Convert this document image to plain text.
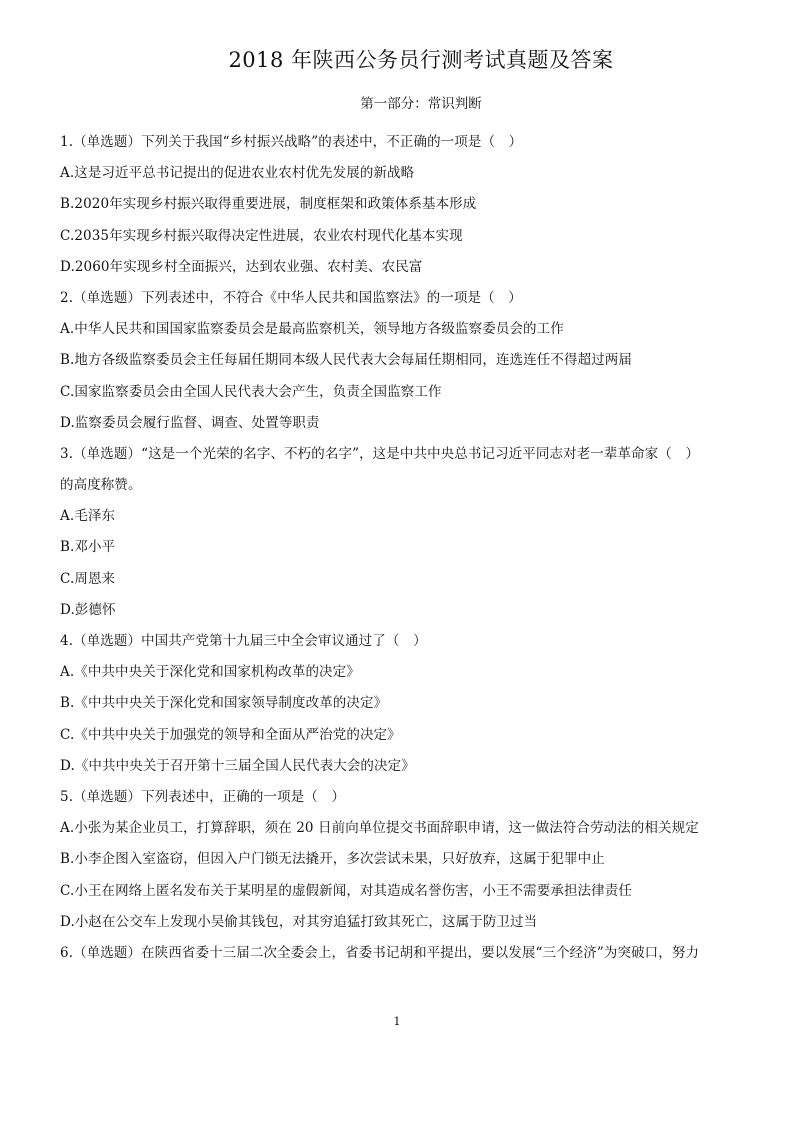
2018 年陕西公务员行测考试真题及答案
第一部分：常识判断
1.（单选题）下列关于我国“乡村振兴战略”的表述中，不正确的一项是（　）
A.这是习近平总书记提出的促进农业农村优先发展的新战略
B.2020年实现乡村振兴取得重要进展，制度框架和政策体系基本形成
C.2035年实现乡村振兴取得决定性进展，农业农村现代化基本实现
D.2060年实现乡村全面振兴，达到农业强、农村美、农民富
2.（单选题）下列表述中，不符合《中华人民共和国监察法》的一项是（　）
A.中华人民共和国国家监察委员会是最高监察机关，领导地方各级监察委员会的工作
B.地方各级监察委员会主任每届任期同本级人民代表大会每届任期相同，连选连任不得超过两届
C.国家监察委员会由全国人民代表大会产生，负责全国监察工作
D.监察委员会履行监督、调查、处置等职责
3.（单选题）“这是一个光荣的名字、不朽的名字”，这是中共中央总书记习近平同志对老一辈革命家（　）
的高度称赞。
A.毛泽东
B.邓小平
C.周恩来
D.彭德怀
4.（单选题）中国共产党第十九届三中全会审议通过了（　）
A.《中共中央关于深化党和国家机构改革的决定》
B.《中共中央关于深化党和国家领导制度改革的决定》
C.《中共中央关于加强党的领导和全面从严治党的决定》
D.《中共中央关于召开第十三届全国人民代表大会的决定》
5.（单选题）下列表述中，正确的一项是（　）
A.小张为某企业员工，打算辞职，须在 20 日前向单位提交书面辞职申请，这一做法符合劳动法的相关规定
B.小李企图入室盗窃，但因入户门锁无法撬开，多次尝试未果，只好放弃，这属于犯罪中止
C.小王在网络上匿名发布关于某明星的虚假新闻，对其造成名誉伤害，小王不需要承担法律责任
D.小赵在公交车上发现小吴偷其钱包，对其穷追猛打致其死亡，这属于防卫过当
6.（单选题）在陕西省委十三届二次全委会上，省委书记胡和平提出，要以发展“三个经济”为突破口，努力
1
